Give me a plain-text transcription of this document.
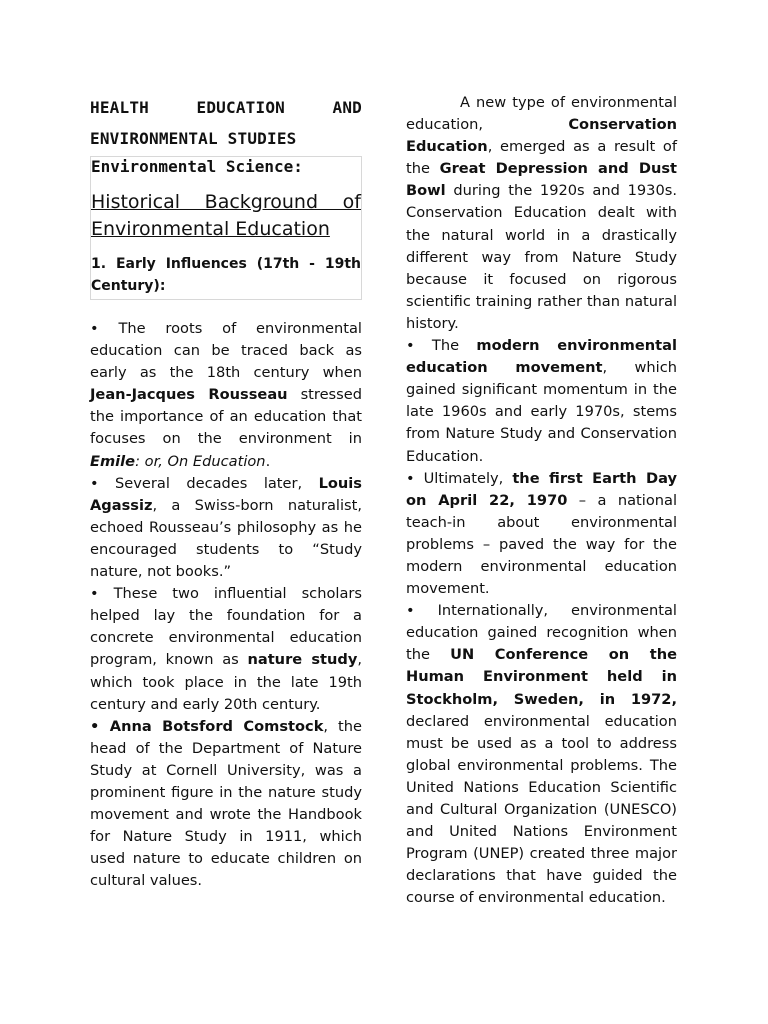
HEALTH EDUCATION AND

ENVIRONMENTAL STUDIES

Environmental Science:

Historical Background of Environmental Education

1. Early Influences (17th - 19th Century):

• The roots of environmental education can be traced back as early as the 18th century when Jean-Jacques Rousseau stressed the importance of an education that focuses on the environment in Emile: or, On Education.

• Several decades later, Louis Agassiz, a Swiss-born naturalist, echoed Rousseau’s philosophy as he encouraged students to “Study nature, not books.”

• These two influential scholars helped lay the foundation for a concrete environmental education program, known as nature study, which took place in the late 19th century and early 20th century.

• Anna Botsford Comstock, the head of the Department of Nature Study at Cornell University, was a prominent figure in the nature study movement and wrote the Handbook for Nature Study in 1911, which used nature to educate children on cultural values.

A new type of environmental education, Conservation Education, emerged as a result of the Great Depression and Dust Bowl during the 1920s and 1930s. Conservation Education dealt with the natural world in a drastically different way from Nature Study because it focused on rigorous scientific training rather than natural history.

• The modern environmental education movement, which gained significant momentum in the late 1960s and early 1970s, stems from Nature Study and Conservation Education.

• Ultimately, the first Earth Day on April 22, 1970 – a national teach-in about environmental problems – paved the way for the modern environmental education movement.

• Internationally, environmental education gained recognition when the UN Conference on the Human Environment held in Stockholm, Sweden, in 1972, declared environmental education must be used as a tool to address global environmental problems. The United Nations Education Scientific and Cultural Organization (UNESCO) and United Nations Environment Program (UNEP) created three major declarations that have guided the course of environmental education.
